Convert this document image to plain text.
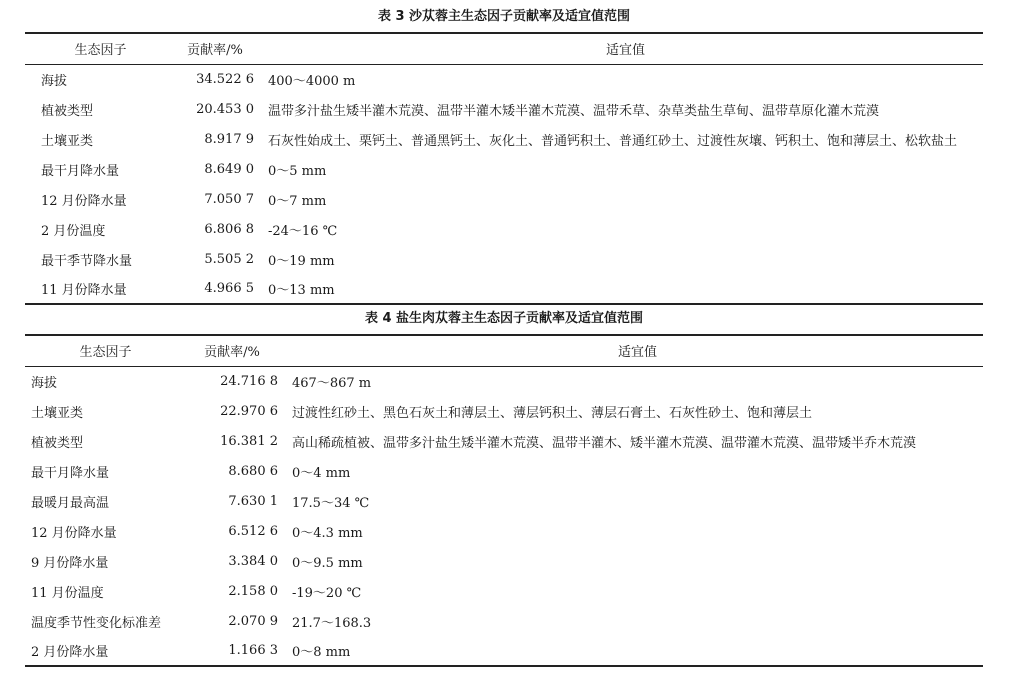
表 3 沙苁蓉主生态因子贡献率及适宜值范围
生态因子	贡献率/%	适宜值
海拔	34.522 6	400～4000 m
植被类型	20.453 0	温带多汁盐生矮半灌木荒漠、温带半灌木矮半灌木荒漠、温带禾草、杂草类盐生草甸、温带草原化灌木荒漠
土壤亚类	8.917 9	石灰性始成土、栗钙土、普通黑钙土、灰化土、普通钙积土、普通红砂土、过渡性灰壤、钙积土、饱和薄层土、松软盐土
最干月降水量	8.649 0	0～5 mm
12 月份降水量	7.050 7	0～7 mm
2 月份温度	6.806 8	-24～16 ℃
最干季节降水量	5.505 2	0～19 mm
11 月份降水量	4.966 5	0～13 mm
表 4 盐生肉苁蓉主生态因子贡献率及适宜值范围
生态因子	贡献率/%	适宜值
海拔	24.716 8	467～867 m
土壤亚类	22.970 6	过渡性红砂土、黑色石灰土和薄层土、薄层钙积土、薄层石膏土、石灰性砂土、饱和薄层土
植被类型	16.381 2	高山稀疏植被、温带多汁盐生矮半灌木荒漠、温带半灌木、矮半灌木荒漠、温带灌木荒漠、温带矮半乔木荒漠
最干月降水量	8.680 6	0～4 mm
最暖月最高温	7.630 1	17.5～34 ℃
12 月份降水量	6.512 6	0～4.3 mm
9 月份降水量	3.384 0	0～9.5 mm
11 月份温度	2.158 0	-19～20 ℃
温度季节性变化标准差	2.070 9	21.7～168.3
2 月份降水量	1.166 3	0～8 mm
